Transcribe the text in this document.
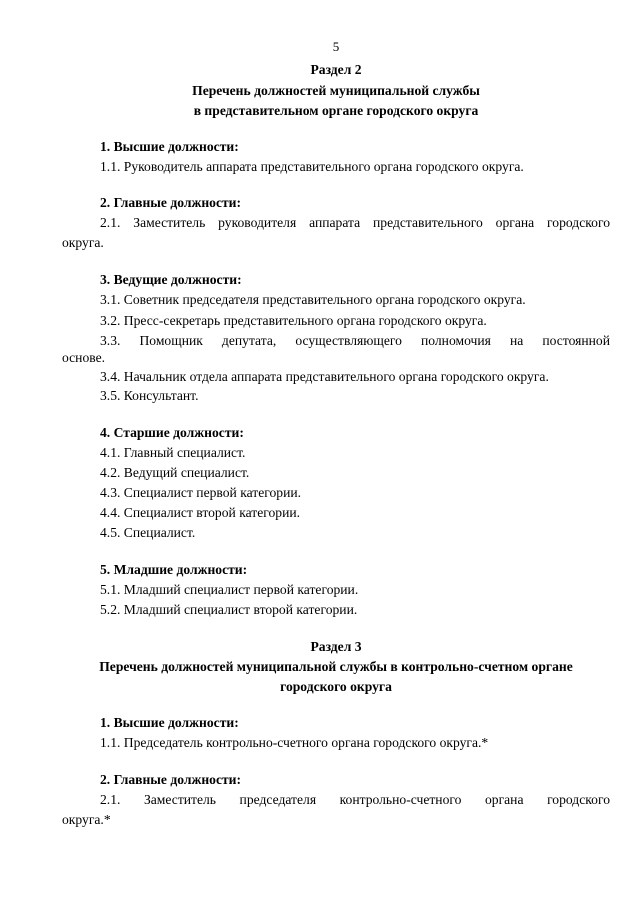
5
Раздел 2
Перечень должностей муниципальной службы
в представительном органе городского округа
1. Высшие должности:
1.1. Руководитель аппарата представительного органа городского округа.
2. Главные должности:
2.1. Заместитель руководителя аппарата представительного органа городского
округа.
3. Ведущие должности:
3.1. Советник председателя представительного органа городского округа.
3.2. Пресс-секретарь представительного органа городского округа.
3.3. Помощник депутата, осуществляющего полномочия на постоянной
основе.
3.4. Начальник отдела аппарата представительного органа городского округа.
3.5. Консультант.
4. Старшие должности:
4.1. Главный специалист.
4.2. Ведущий специалист.
4.3. Специалист первой категории.
4.4. Специалист второй категории.
4.5. Специалист.
5. Младшие должности:
5.1. Младший специалист первой категории.
5.2. Младший специалист второй категории.
Раздел 3
Перечень должностей муниципальной службы в контрольно-счетном органе
городского округа
1. Высшие должности:
1.1. Председатель контрольно-счетного органа городского округа.*
2. Главные должности:
2.1. Заместитель председателя контрольно-счетного органа городского
округа.*
